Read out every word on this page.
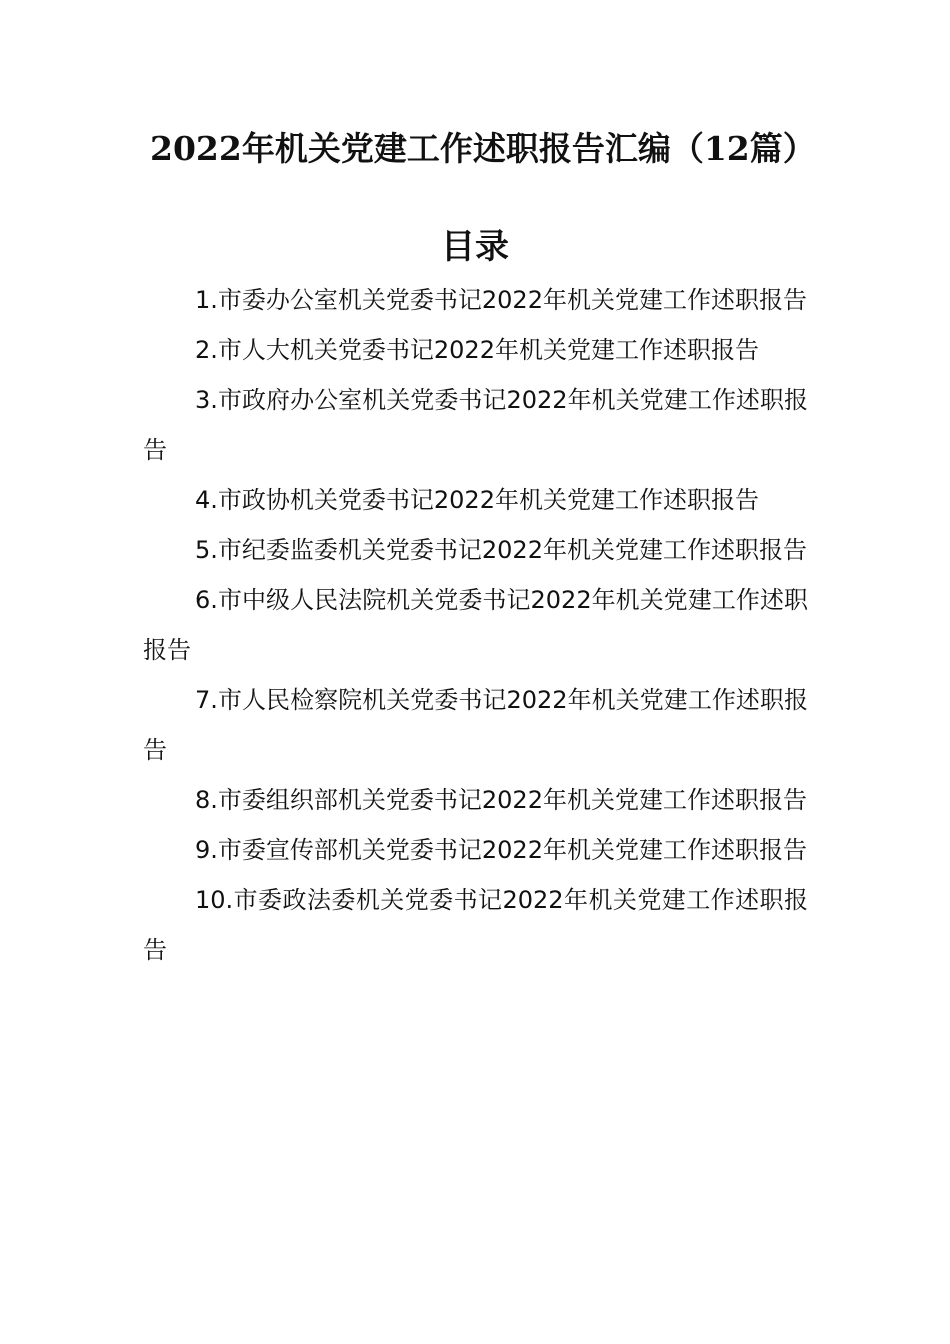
2022年机关党建工作述职报告汇编（12篇）
目录
1.市委办公室机关党委书记2022年机关党建工作述职报告
2.市人大机关党委书记2022年机关党建工作述职报告
3.市政府办公室机关党委书记2022年机关党建工作述职报告
4.市政协机关党委书记2022年机关党建工作述职报告
5.市纪委监委机关党委书记2022年机关党建工作述职报告
6.市中级人民法院机关党委书记2022年机关党建工作述职报告
7.市人民检察院机关党委书记2022年机关党建工作述职报告
8.市委组织部机关党委书记2022年机关党建工作述职报告
9.市委宣传部机关党委书记2022年机关党建工作述职报告
10.市委政法委机关党委书记2022年机关党建工作述职报告
